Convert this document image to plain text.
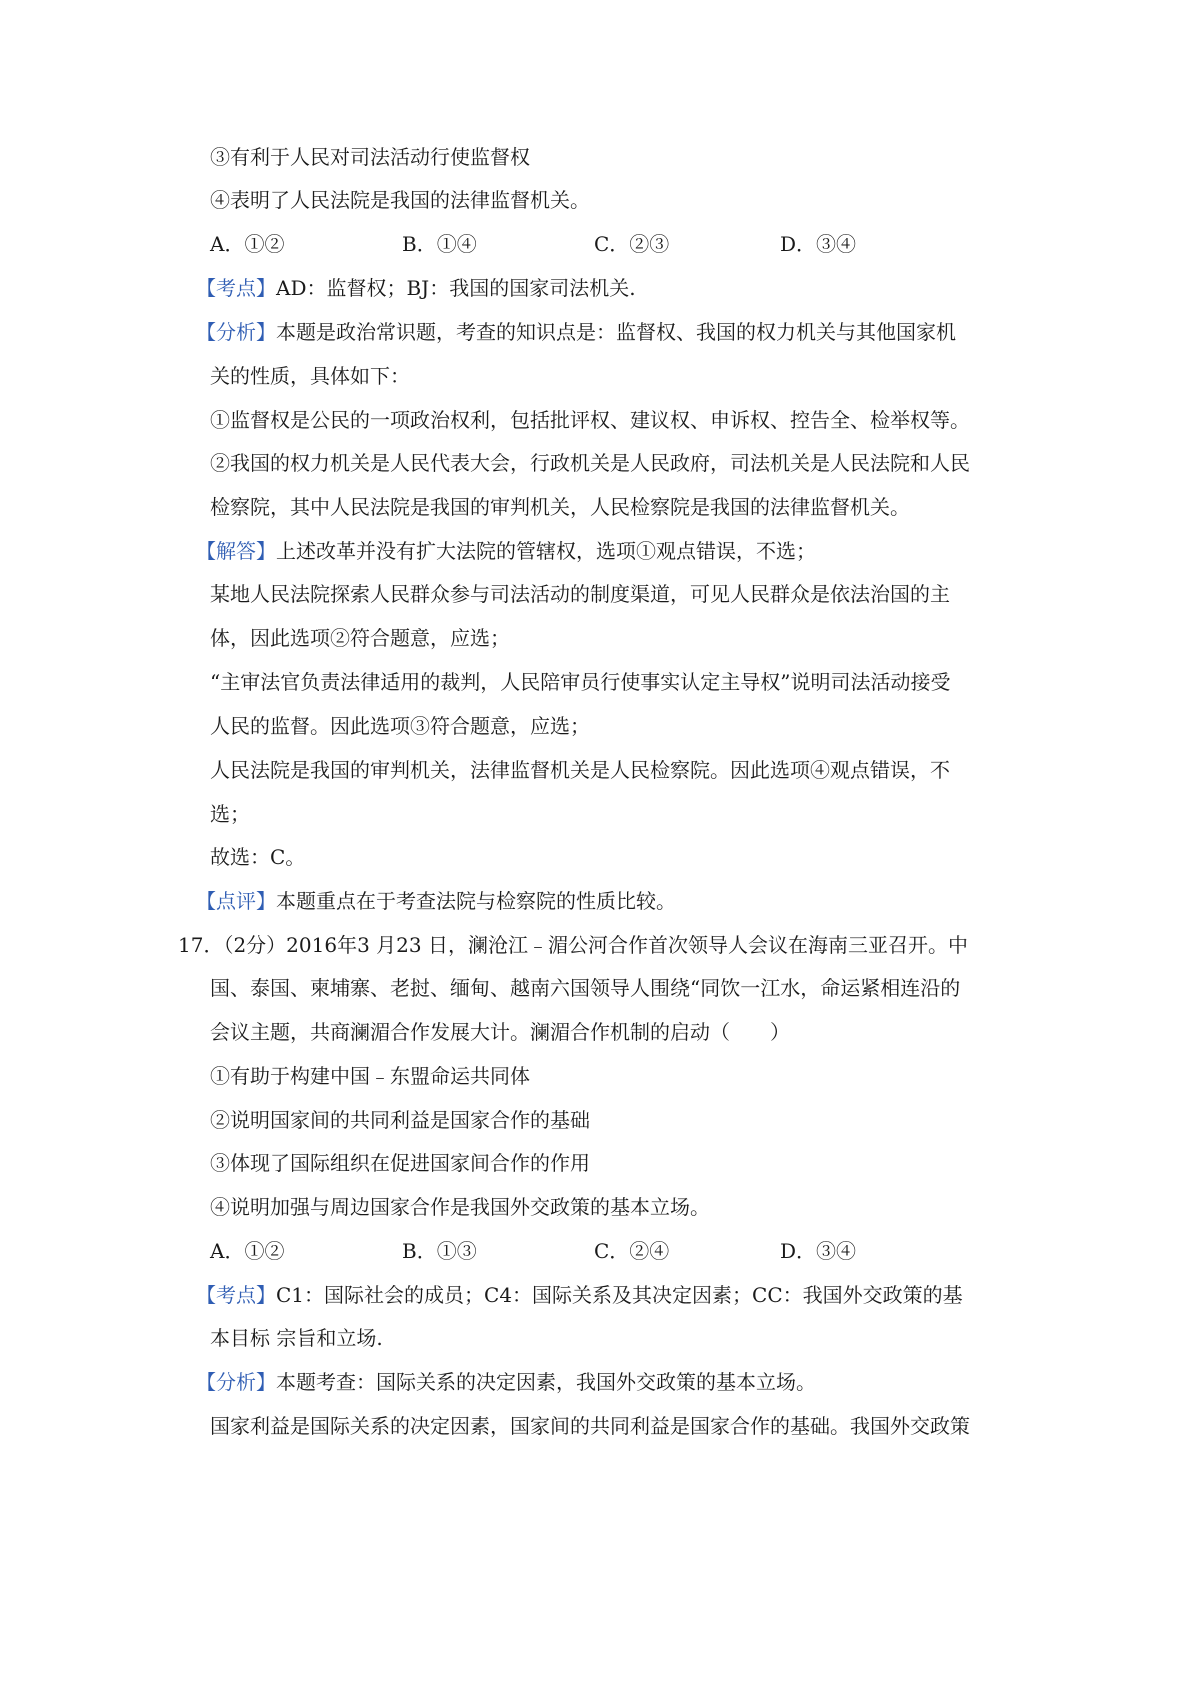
③有利于人民对司法活动行使监督权
④表明了人民法院是我国的法律监督机关。
A．①②	B．①④	C．②③	D．③④
【考点】AD：监督权；BJ：我国的国家司法机关.
【分析】本题是政治常识题，考查的知识点是：监督权、我国的权力机关与其他国家机
关的性质，具体如下：
①监督权是公民的一项政治权利，包括批评权、建议权、申诉权、控告全、检举权等。
②我国的权力机关是人民代表大会，行政机关是人民政府，司法机关是人民法院和人民
检察院，其中人民法院是我国的审判机关，人民检察院是我国的法律监督机关。
【解答】上述改革并没有扩大法院的管辖权，选项①观点错误，不选；
某地人民法院探索人民群众参与司法活动的制度渠道，可见人民群众是依法治国的主
体，因此选项②符合题意，应选；
“主审法官负责法律适用的裁判，人民陪审员行使事实认定主导权”说明司法活动接受
人民的监督。因此选项③符合题意，应选；
人民法院是我国的审判机关，法律监督机关是人民检察院。因此选项④观点错误，不
选；
故选：C。
【点评】本题重点在于考查法院与检察院的性质比较。
17．（2分）2016年3 月23 日，澜沧江﹣湄公河合作首次领导人会议在海南三亚召开。中
国、泰国、柬埔寨、老挝、缅甸、越南六国领导人围绕“同饮一江水，命运紧相连沿的
会议主题，共商澜湄合作发展大计。澜湄合作机制的启动（　　）
①有助于构建中国﹣东盟命运共同体
②说明国家间的共同利益是国家合作的基础
③体现了国际组织在促进国家间合作的作用
④说明加强与周边国家合作是我国外交政策的基本立场。
A．①②	B．①③	C．②④	D．③④
【考点】C1：国际社会的成员；C4：国际关系及其决定因素；CC：我国外交政策的基
本目标 宗旨和立场.
【分析】本题考查：国际关系的决定因素，我国外交政策的基本立场。
国家利益是国际关系的决定因素，国家间的共同利益是国家合作的基础。我国外交政策
